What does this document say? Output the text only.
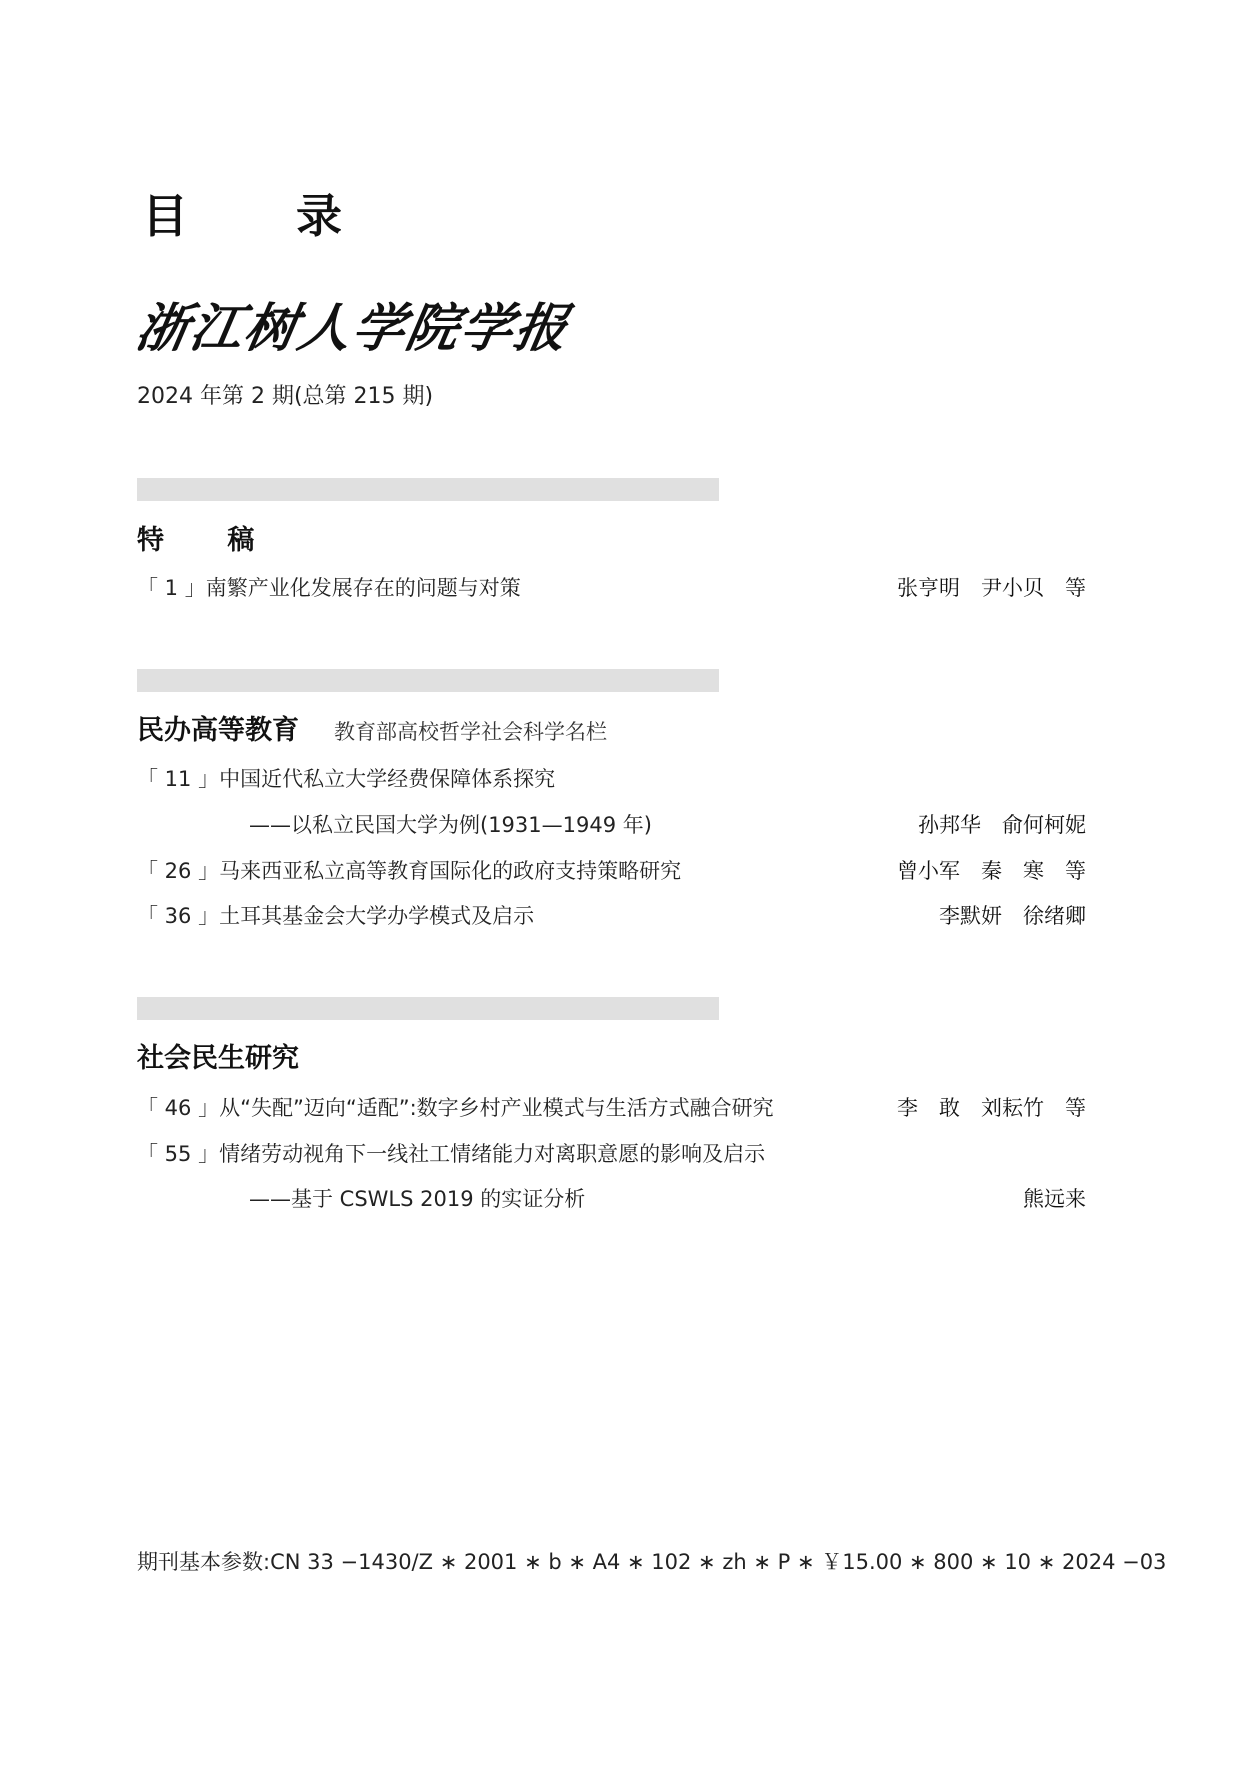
目 录
浙江树人学院学报
2024 年第 2 期(总第 215 期)
特 稿
「 1 」南繁产业化发展存在的问题与对策	张亨明　尹小贝　等
民办高等教育 教育部高校哲学社会科学名栏
「 11 」中国近代私立大学经费保障体系探究
——以私立民国大学为例(1931—1949 年)	孙邦华　俞何柯妮
「 26 」马来西亚私立高等教育国际化的政府支持策略研究	曾小军　秦　寒　等
「 36 」土耳其基金会大学办学模式及启示	李默妍　徐绪卿
社会民生研究
「 46 」从“失配”迈向“适配”:数字乡村产业模式与生活方式融合研究	李　敢　刘耘竹　等
「 55 」情绪劳动视角下一线社工情绪能力对离职意愿的影响及启示
——基于 CSWLS 2019 的实证分析	熊远来
期刊基本参数:CN 33 −1430/Z ∗ 2001 ∗ b ∗ A4 ∗ 102 ∗ zh ∗ P ∗ ￥15.00 ∗ 800 ∗ 10 ∗ 2024 −03
